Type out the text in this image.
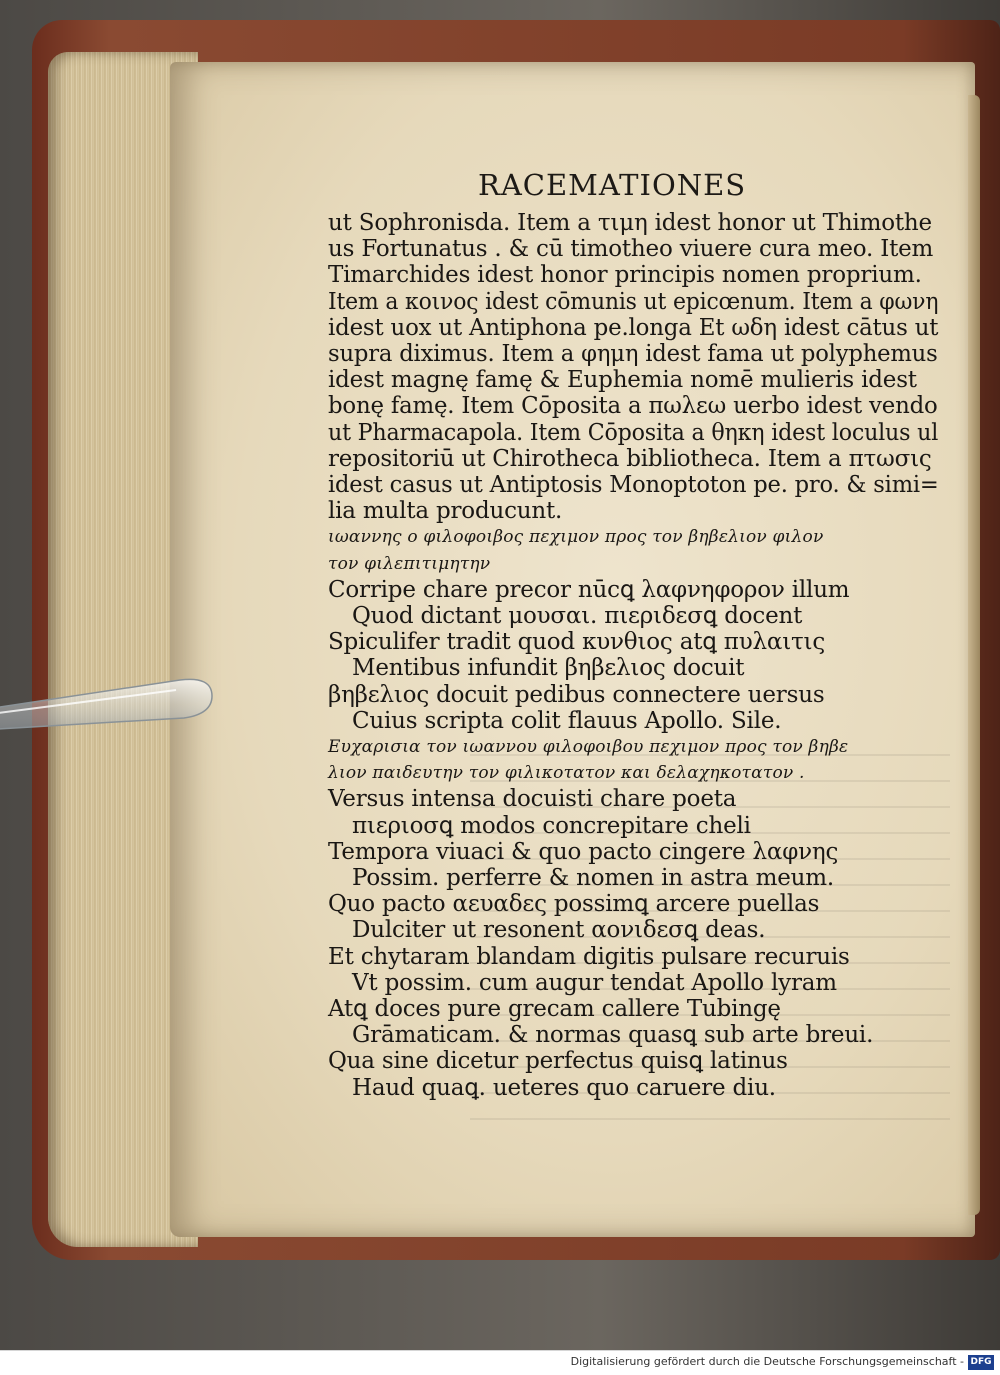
RACEMATIONES
ut Sophronisda. Item a τιμη idest honor ut Thimothe
us Fortunatus . & cū timotheo viuere cura meo. Item
Timarchides idest honor principis nomen proprium.
Item a κοινος idest cōmunis ut epicœnum. Item a φωνη
idest uox ut Antiphona pe.longa Et ωδη idest cātus ut
supra diximus. Item a φημη idest fama ut polyphemus
idest magnę famę & Euphemia nomē mulieris idest
bonę famę. Item Cōposita a πωλεω uerbo idest vendo
ut Pharmacapola. Item Cōposita a θηκη idest loculus ul
repositoriū ut Chirotheca bibliotheca. Item a πτωσις
idest casus ut Antiptosis Monoptoton pe. pro. & simi=
lia multa producunt.
ιωαννης ο φιλοφοιβος πεχιμον προς τον βηβελιον φιλον
τον φιλεπιτιμητην
Corripe chare precor nūcꝗ λαφνηφορον illum
Quod dictant μουσαι. πιεριδεσꝗ docent
Spiculifer tradit quod κυνθιος atꝗ πυλαιτις
Mentibus infundit βηβελιος docuit
βηβελιος docuit pedibus connectere uersus
Cuius scripta colit flauus Apollo. Sile.
Ευχαρισια τον ιωαννου φιλοφοιβου πεχιμον προς τον βηβε
λιον παιδευτην τον φιλικοτατον και δελαχηκοτατον .
Versus intensa docuisti chare poeta
πιεριοσꝗ modos concrepitare cheli
Tempora viuaci & quo pacto cingere λαφνης
Possim. perferre & nomen in astra meum.
Quo pacto αευαδες possimꝗ arcere puellas
Dulciter ut resonent αονιδεσꝗ deas.
Et chytaram blandam digitis pulsare recuruis
Vt possim. cum augur tendat Apollo lyram
Atꝗ doces pure grecam callere Tubingę
Grāmaticam. & normas quasꝗ sub arte breui.
Qua sine dicetur perfectus quisꝗ latinus
Haud quaꝗ. ueteres quo caruere diu.
Digitalisierung gefördert durch die Deutsche Forschungsgemeinschaft - DFG
